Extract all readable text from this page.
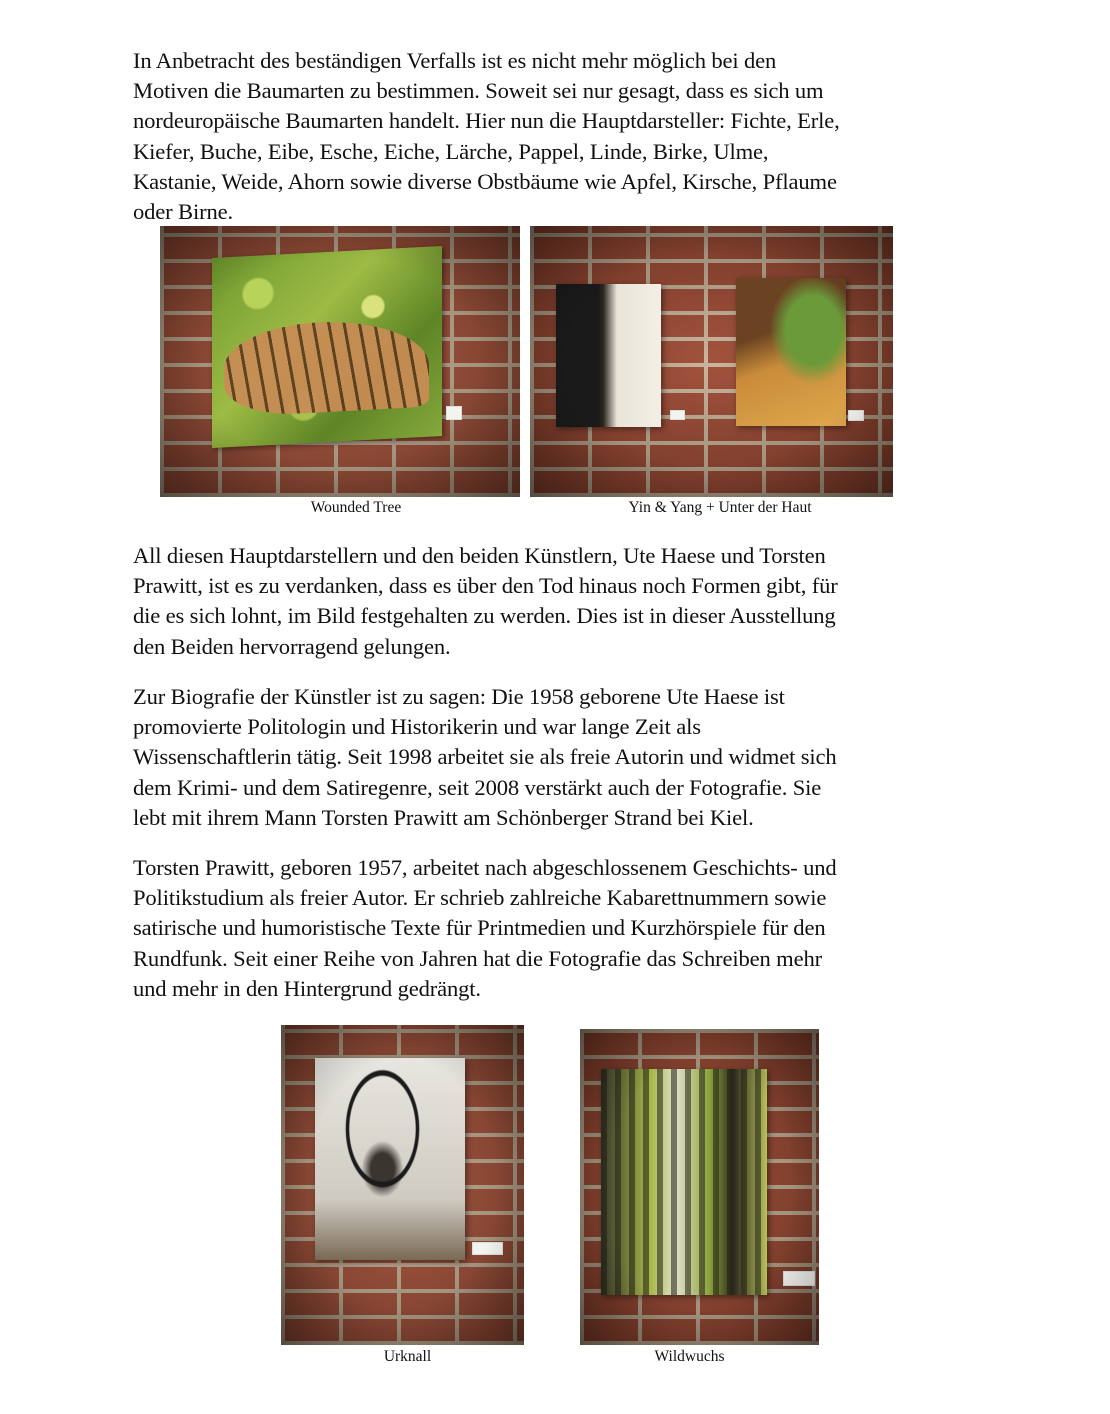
In Anbetracht des beständigen Verfalls ist es nicht mehr möglich bei den
Motiven die Baumarten zu bestimmen. Soweit sei nur gesagt, dass es sich um
nordeuropäische Baumarten handelt. Hier nun die Hauptdarsteller: Fichte, Erle,
Kiefer, Buche, Eibe, Esche, Eiche, Lärche, Pappel, Linde, Birke, Ulme,
Kastanie, Weide, Ahorn sowie diverse Obstbäume wie Apfel, Kirsche, Pflaume
oder Birne.

Wounded Tree	Yin & Yang + Unter der Haut

All diesen Hauptdarstellern und den beiden Künstlern, Ute Haese und Torsten
Prawitt, ist es zu verdanken, dass es über den Tod hinaus noch Formen gibt, für
die es sich lohnt, im Bild festgehalten zu werden. Dies ist in dieser Ausstellung
den Beiden hervorragend gelungen.

Zur Biografie der Künstler ist zu sagen: Die 1958 geborene Ute Haese ist
promovierte Politologin und Historikerin und war lange Zeit als
Wissenschaftlerin tätig. Seit 1998 arbeitet sie als freie Autorin und widmet sich
dem Krimi- und dem Satiregenre, seit 2008 verstärkt auch der Fotografie. Sie
lebt mit ihrem Mann Torsten Prawitt am Schönberger Strand bei Kiel.

Torsten Prawitt, geboren 1957, arbeitet nach abgeschlossenem Geschichts- und
Politikstudium als freier Autor. Er schrieb zahlreiche Kabarettnummern sowie
satirische und humoristische Texte für Printmedien und Kurzhörspiele für den
Rundfunk. Seit einer Reihe von Jahren hat die Fotografie das Schreiben mehr
und mehr in den Hintergrund gedrängt.

Urknall	Wildwuchs
